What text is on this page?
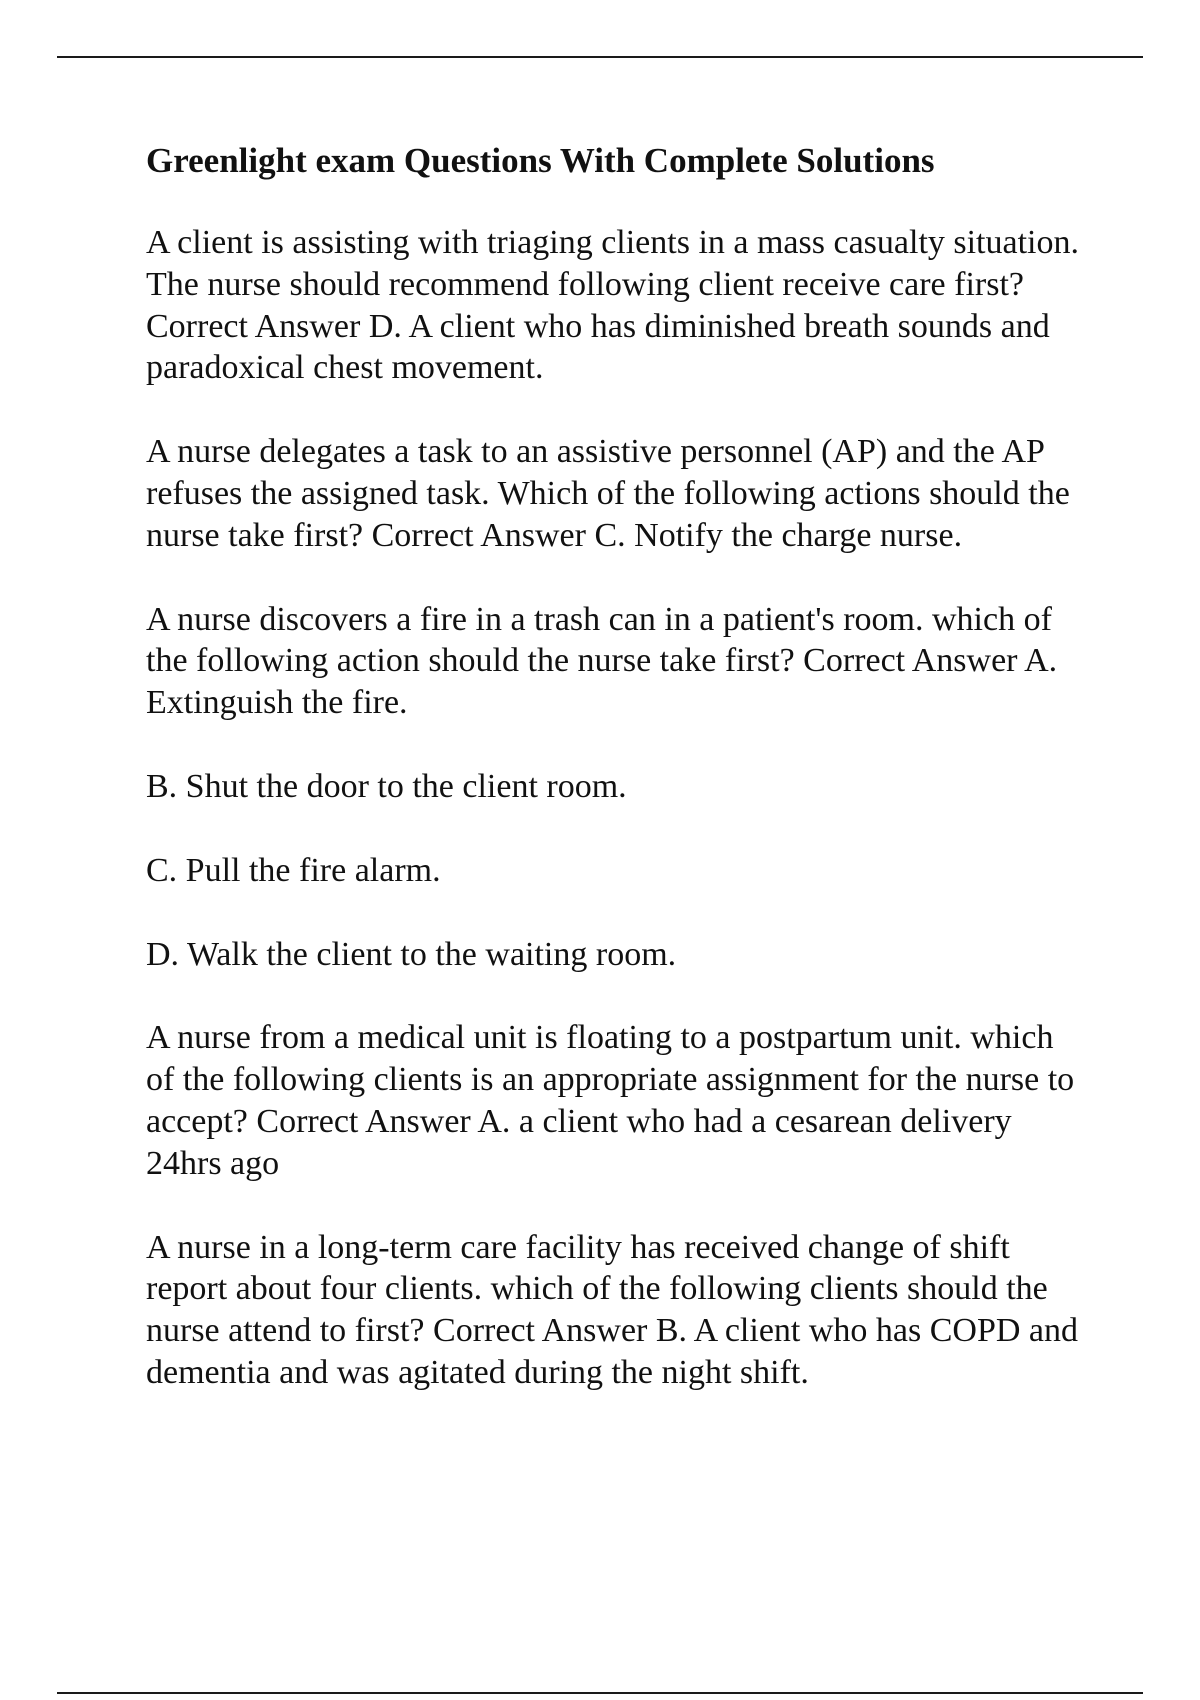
Greenlight exam Questions With Complete Solutions

A client is assisting with triaging clients in a mass casualty situation. The nurse should recommend following client receive care first? Correct Answer D. A client who has diminished breath sounds and paradoxical chest movement.

A nurse delegates a task to an assistive personnel (AP) and the AP refuses the assigned task. Which of the following actions should the nurse take first? Correct Answer C. Notify the charge nurse.

A nurse discovers a fire in a trash can in a patient's room. which of the following action should the nurse take first? Correct Answer A. Extinguish the fire.

B. Shut the door to the client room.

C. Pull the fire alarm.

D. Walk the client to the waiting room.

A nurse from a medical unit is floating to a postpartum unit. which of the following clients is an appropriate assignment for the nurse to accept? Correct Answer A. a client who had a cesarean delivery 24hrs ago

A nurse in a long-term care facility has received change of shift report about four clients. which of the following clients should the nurse attend to first? Correct Answer B. A client who has COPD and dementia and was agitated during the night shift.
